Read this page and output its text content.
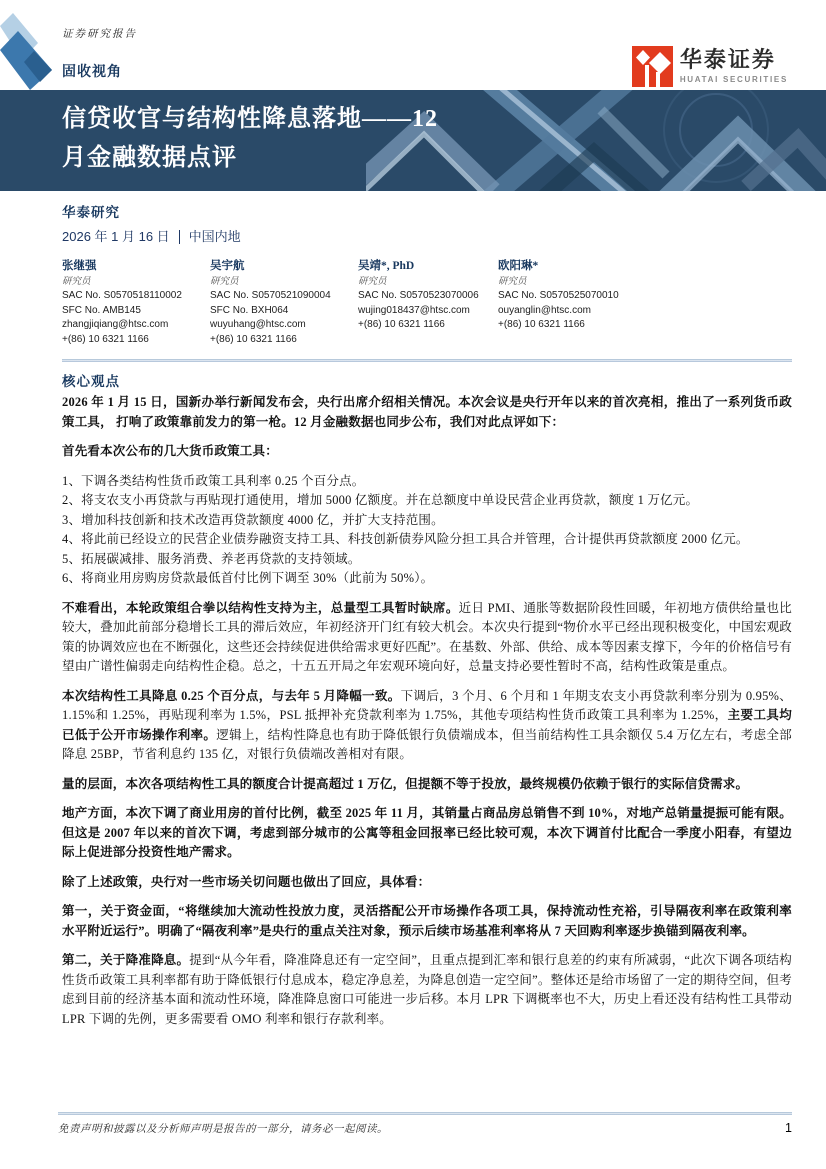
证券研究报告
固收视角
华泰证券
HUATAI SECURITIES
信贷收官与结构性降息落地——12
月金融数据点评
华泰研究
2026 年 1 月 16 日 中国内地
张继强
研究员
SAC No. S0570518110002
SFC No. AMB145
zhangjiqiang@htsc.com
+(86) 10 6321 1166
吴宇航
研究员
SAC No. S0570521090004
SFC No. BXH064
wuyuhang@htsc.com
+(86) 10 6321 1166
吴靖*, PhD
研究员
SAC No. S0570523070006
wujing018437@htsc.com
+(86) 10 6321 1166
欧阳琳*
研究员
SAC No. S0570525070010
ouyanglin@htsc.com
+(86) 10 6321 1166
核心观点

2026 年 1 月 15 日，国新办举行新闻发布会，央行出席介绍相关情况。本次会议是央行开年以来的首次亮相，推出了一系列货币政策工具， 打响了政策靠前发力的第一枪。12 月金融数据也同步公布，我们对此点评如下：

首先看本次公布的几大货币政策工具：

1、下调各类结构性货币政策工具利率 0.25 个百分点。

2、将支农支小再贷款与再贴现打通使用，增加 5000 亿额度。并在总额度中单设民营企业再贷款，额度 1 万亿元。

3、增加科技创新和技术改造再贷款额度 4000 亿，并扩大支持范围。

4、将此前已经设立的民营企业债券融资支持工具、科技创新债券风险分担工具合并管理，合计提供再贷款额度 2000 亿元。

5、拓展碳减排、服务消费、养老再贷款的支持领域。

6、将商业用房购房贷款最低首付比例下调至 30%（此前为 50%）。

不难看出，本轮政策组合拳以结构性支持为主，总量型工具暂时缺席。近日 PMI、通胀等数据阶段性回暖，年初地方债供给量也比较大，叠加此前部分稳增长工具的滞后效应，年初经济开门红有较大机会。本次央行提到“物价水平已经出现积极变化，中国宏观政策的协调效应也在不断强化，这些还会持续促进供给需求更好匹配”。在基数、外部、供给、成本等因素支撑下，今年的价格信号有望由广谱性偏弱走向结构性企稳。总之，十五五开局之年宏观环境向好，总量支持必要性暂时不高，结构性政策是重点。

本次结构性工具降息 0.25 个百分点，与去年 5 月降幅一致。下调后，3 个月、6 个月和 1 年期支农支小再贷款利率分别为 0.95%、1.15%和 1.25%，再贴现利率为 1.5%，PSL 抵押补充贷款利率为 1.75%，其他专项结构性货币政策工具利率为 1.25%，主要工具均已低于公开市场操作利率。逻辑上，结构性降息也有助于降低银行负债端成本，但当前结构性工具余额仅 5.4 万亿左右，考虑全部降息 25BP，节省利息约 135 亿，对银行负债端改善相对有限。

量的层面，本次各项结构性工具的额度合计提高超过 1 万亿，但提额不等于投放，最终规模仍依赖于银行的实际信贷需求。

地产方面，本次下调了商业用房的首付比例，截至 2025 年 11 月，其销量占商品房总销售不到 10%，对地产总销量提振可能有限。但这是 2007 年以来的首次下调，考虑到部分城市的公寓等租金回报率已经比较可观，本次下调首付比配合一季度小阳春，有望边际上促进部分投资性地产需求。

除了上述政策，央行对一些市场关切问题也做出了回应，具体看：

第一，关于资金面，“将继续加大流动性投放力度，灵活搭配公开市场操作各项工具，保持流动性充裕，引导隔夜利率在政策利率水平附近运行”。明确了“隔夜利率”是央行的重点关注对象，预示后续市场基准利率将从 7 天回购利率逐步换锚到隔夜利率。

第二，关于降准降息。提到“从今年看，降准降息还有一定空间”，且重点提到汇率和银行息差的约束有所减弱，“此次下调各项结构性货币政策工具利率都有助于降低银行付息成本，稳定净息差，为降息创造一定空间”。整体还是给市场留了一定的期待空间，但考虑到目前的经济基本面和流动性环境，降准降息窗口可能进一步后移。本月 LPR 下调概率也不大，历史上看还没有结构性工具带动 LPR 下调的先例，更多需要看 OMO 利率和银行存款利率。

免责声明和披露以及分析师声明是报告的一部分，请务必一起阅读。	1
